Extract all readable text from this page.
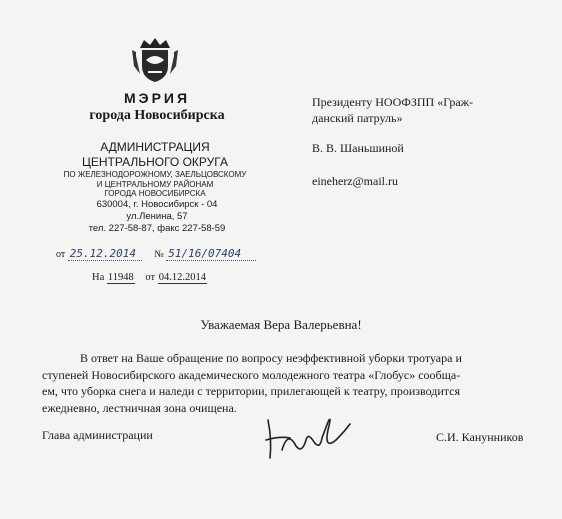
МЭРИЯ
города Новосибирска
АДМИНИСТРАЦИЯ
ЦЕНТРАЛЬНОГО ОКРУГА
ПО ЖЕЛЕЗНОДОРОЖНОМУ, ЗАЕЛЬЦОВСКОМУ
И ЦЕНТРАЛЬНОМУ РАЙОНАМ
ГОРОДА НОВОСИБИРСКА
630004, г. Новосибирск - 04
ул.Ленина, 57
тел. 227-58-87, факс 227-58-59
от 25.12.2014 № 51/16/07404
На 11948 от 04.12.2014
Президенту НООФЗПП «Граж-
данский патруль»
В. В. Шаньшиной
eineherz@mail.ru
Уважаемая Вера Валерьевна!

В ответ на Ваше обращение по вопросу неэффективной уборки тротуара и

ступеней Новосибирского академического молодежного театра «Глобус» сообща-
ем, что уборка снега и наледи с территории, прилегающей к театру, производится
ежедневно, лестничная зона очищена.
Глава администрации	С.И. Канунников
